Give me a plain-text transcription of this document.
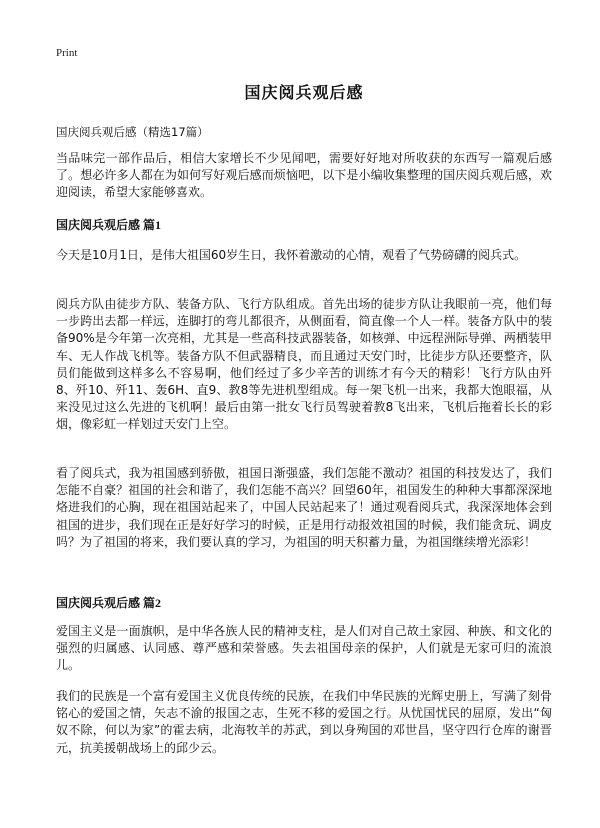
Print
国庆阅兵观后感
国庆阅兵观后感（精选17篇）

当品味完一部作品后，相信大家增长不少见闻吧，需要好好地对所收获的东西写一篇观后感了。想必许多人都在为如何写好观后感而烦恼吧，以下是小编收集整理的国庆阅兵观后感，欢迎阅读，希望大家能够喜欢。

国庆阅兵观后感 篇1

今天是10月1日，是伟大祖国60岁生日，我怀着激动的心情，观看了气势磅礴的阅兵式。

阅兵方队由徒步方队、装备方队、飞行方队组成。首先出场的徒步方队让我眼前一亮，他们每一步跨出去都一样远，连脚打的弯儿都很齐，从侧面看，简直像一个人一样。装备方队中的装备90%是今年第一次亮相，尤其是一些高科技武器装备，如核弹、中远程洲际导弹、两栖装甲车、无人作战飞机等。装备方队不但武器精良，而且通过天安门时，比徒步方队还要整齐，队员们能做到这样多么不容易啊，他们经过了多少辛苦的训练才有今天的精彩！飞行方队由歼8、歼10、歼11、轰6H、直9、教8等先进机型组成。每一架飞机一出来，我都大饱眼福，从来没见过这么先进的飞机啊！最后由第一批女飞行员驾驶着教8飞出来，飞机后拖着长长的彩烟，像彩虹一样划过天安门上空。

看了阅兵式，我为祖国感到骄傲，祖国日渐强盛，我们怎能不激动？祖国的科技发达了，我们怎能不自豪？祖国的社会和谐了，我们怎能不高兴？回望60年，祖国发生的种种大事都深深地烙进我们的心胸，现在祖国站起来了，中国人民站起来了！通过观看阅兵式，我深深地体会到祖国的进步，我们现在正是好好学习的时候，正是用行动报效祖国的时候，我们能贪玩、调皮吗？为了祖国的将来，我们要认真的学习，为祖国的明天积蓄力量，为祖国继续增光添彩！

国庆阅兵观后感 篇2

爱国主义是一面旗帜，是中华各族人民的精神支柱，是人们对自己故土家园、种族、和文化的强烈的归属感、认同感、尊严感和荣誉感。失去祖国母亲的保护，人们就是无家可归的流浪儿。

我们的民族是一个富有爱国主义优良传统的民族，在我们中华民族的光辉史册上，写满了刻骨铭心的爱国之情，矢志不渝的报国之志，生死不移的爱国之行。从忧国忧民的屈原，发出“匈奴不除，何以为家”的霍去病，北海牧羊的苏武，到以身殉国的邓世昌，坚守四行仓库的谢晋元，抗美援朝战场上的邱少云。
